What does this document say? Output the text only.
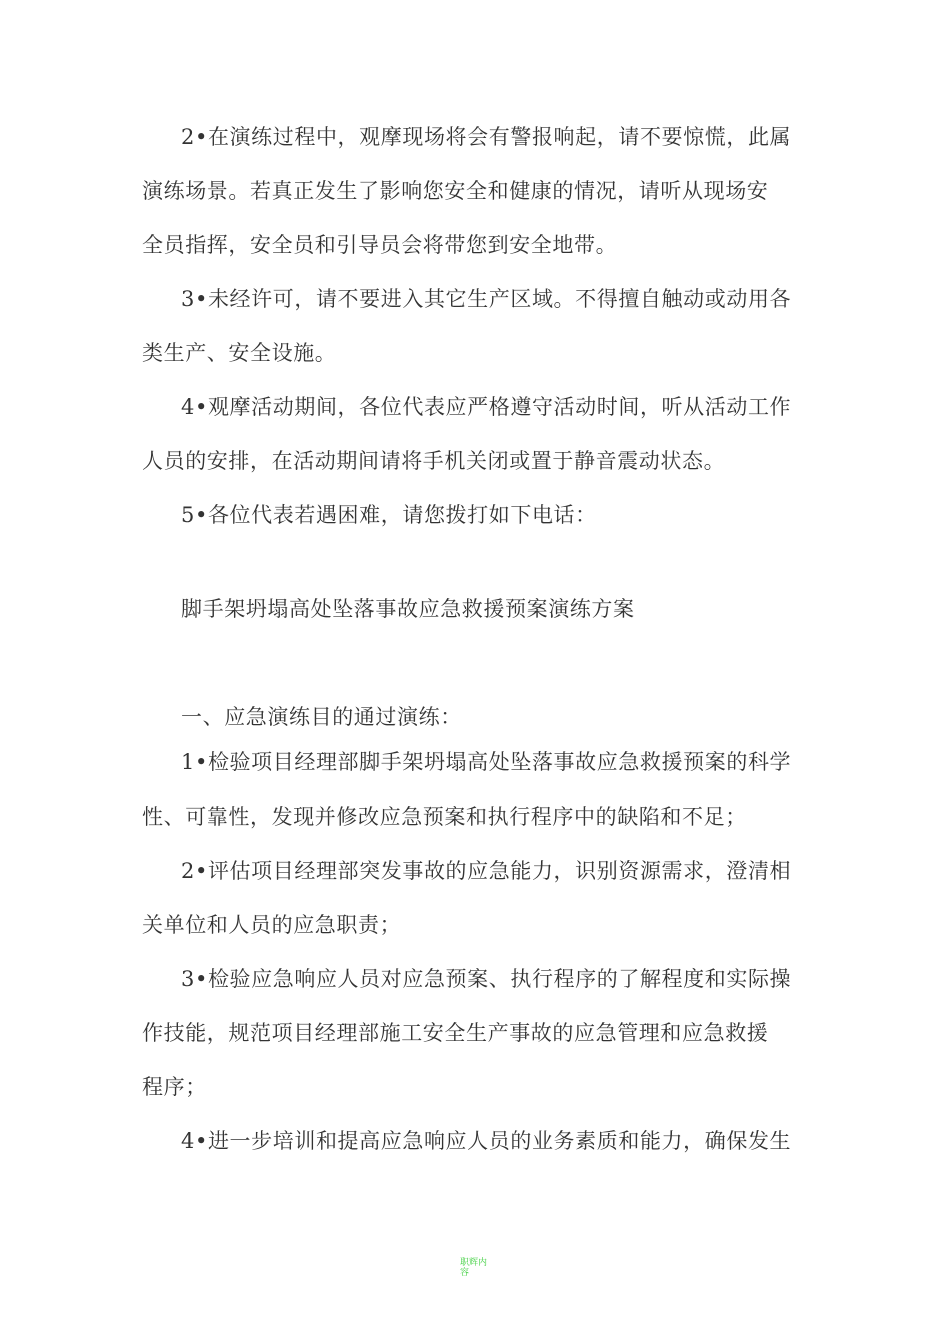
2•在演练过程中，观摩现场将会有警报响起，请不要惊慌，此属
演练场景。若真正发生了影响您安全和健康的情况，请听从现场安
全员指挥，安全员和引导员会将带您到安全地带。
3•未经许可，请不要进入其它生产区域。不得擅自触动或动用各
类生产、安全设施。
4•观摩活动期间，各位代表应严格遵守活动时间，听从活动工作
人员的安排，在活动期间请将手机关闭或置于静音震动状态。
5•各位代表若遇困难，请您拨打如下电话：
脚手架坍塌高处坠落事故应急救援预案演练方案
一、应急演练目的通过演练：
1•检验项目经理部脚手架坍塌高处坠落事故应急救援预案的科学
性、可靠性，发现并修改应急预案和执行程序中的缺陷和不足；
2•评估项目经理部突发事故的应急能力，识别资源需求，澄清相
关单位和人员的应急职责；
3•检验应急响应人员对应急预案、执行程序的了解程度和实际操
作技能，规范项目经理部施工安全生产事故的应急管理和应急救援
程序；
4•进一步培训和提高应急响应人员的业务素质和能力，确保发生
职辉内容
